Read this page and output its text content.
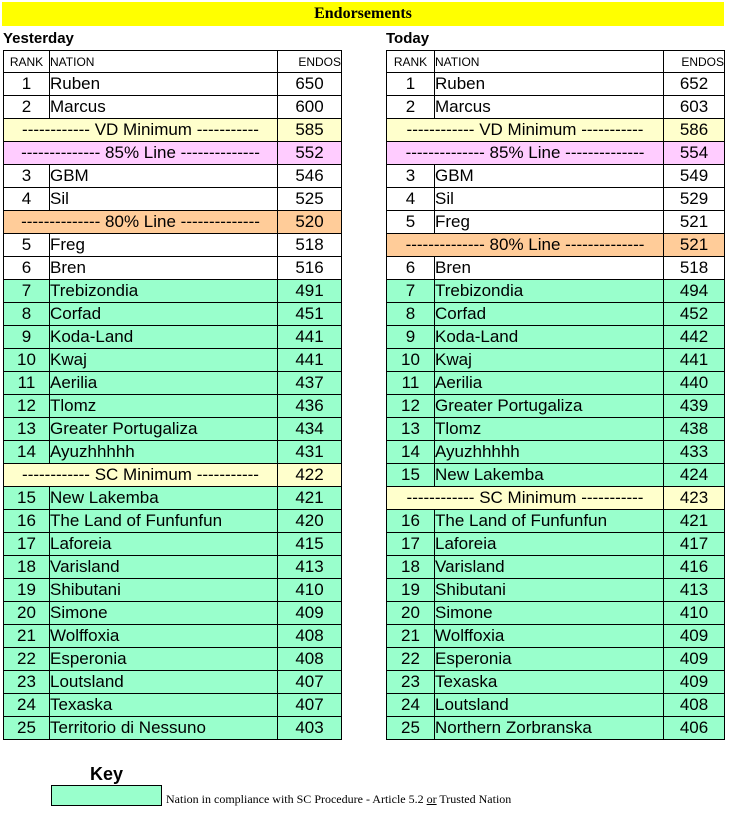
Endorsements
Yesterday	Today
RANK	NATION	ENDOS
1	Ruben	650
2	Marcus	600
------------ VD Minimum -----------		585
-------------- 85% Line --------------		552
3	GBM	546
4	Sil	525
-------------- 80% Line --------------		520
5	Freg	518
6	Bren	516
7	Trebizondia	491
8	Corfad	451
9	Koda-Land	441
10	Kwaj	441
11	Aerilia	437
12	Tlomz	436
13	Greater Portugaliza	434
14	Ayuzhhhhh	431
------------ SC Minimum -----------		422
15	New Lakemba	421
16	The Land of Funfunfun	420
17	Laforeia	415
18	Varisland	413
19	Shibutani	410
20	Simone	409
21	Wolffoxia	408
22	Esperonia	408
23	Loutsland	407
24	Texaska	407
25	Territorio di Nessuno	403
RANK	NATION	ENDOS
1	Ruben	652
2	Marcus	603
------------ VD Minimum -----------		586
-------------- 85% Line --------------		554
3	GBM	549
4	Sil	529
5	Freg	521
-------------- 80% Line --------------		521
6	Bren	518
7	Trebizondia	494
8	Corfad	452
9	Koda-Land	442
10	Kwaj	441
11	Aerilia	440
12	Greater Portugaliza	439
13	Tlomz	438
14	Ayuzhhhhh	433
15	New Lakemba	424
------------ SC Minimum -----------		423
16	The Land of Funfunfun	421
17	Laforeia	417
18	Varisland	416
19	Shibutani	413
20	Simone	410
21	Wolffoxia	409
22	Esperonia	409
23	Texaska	409
24	Loutsland	408
25	Northern Zorbranska	406
Key
Nation in compliance with SC Procedure - Article 5.2 or Trusted Nation
